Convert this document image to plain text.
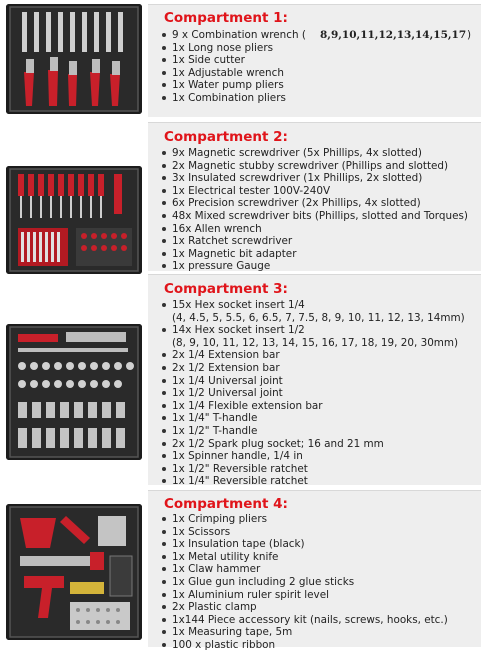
Compartment 1:
9 x Combination wrench ( 8,9,10,11,12,13,14,15,17 )
1x Long nose pliers
1x Side cutter
1x Adjustable wrench
1x Water pump pliers
1x Combination pliers
Compartment 2:
9x Magnetic screwdriver (5x Phillips, 4x slotted)
2x Magnetic stubby screwdriver (Phillips and slotted)
3x Insulated screwdriver (1x Phillips, 2x slotted)
1x Electrical tester 100V-240V
6x Precision screwdriver (2x Phillips, 4x slotted)
48x Mixed screwdriver bits (Phillips, slotted and Torques)
16x Allen wrench
1x Ratchet screwdriver
1x Magnetic bit adapter
1x pressure Gauge
Compartment 3:
15x Hex socket insert 1/4
(4, 4.5, 5, 5.5, 6, 6.5, 7, 7.5, 8, 9, 10, 11, 12, 13, 14mm)
14x Hex socket insert 1/2
(8, 9, 10, 11, 12, 13, 14, 15, 16, 17, 18, 19, 20, 30mm)
2x 1/4 Extension bar
2x 1/2 Extension bar
1x 1/4 Universal joint
1x 1/2 Universal joint
1x 1/4 Flexible extension bar
1x 1/4" T-handle
1x 1/2" T-handle
2x 1/2 Spark plug socket; 16 and 21 mm
1x Spinner handle, 1/4 in
1x 1/2" Reversible ratchet
1x 1/4" Reversible ratchet
Compartment 4:
1x Crimping pliers
1x Scissors
1x Insulation tape (black)
1x Metal utility knife
1x Claw hammer
1x Glue gun including 2 glue sticks
1x Aluminium ruler spirit level
2x Plastic clamp
1x144 Piece accessory kit (nails, screws, hooks, etc.)
1x Measuring tape, 5m
100 x plastic ribbon
